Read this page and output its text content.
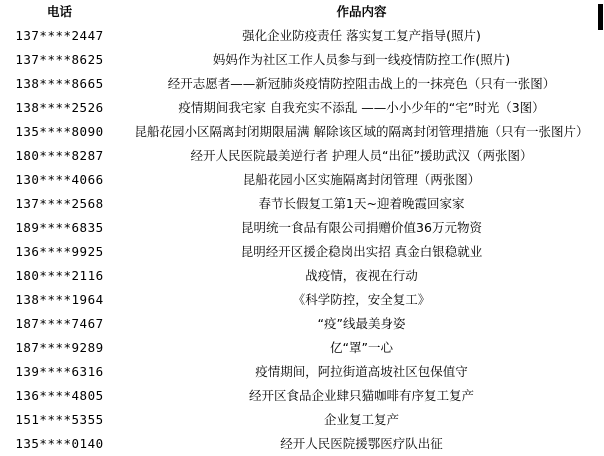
电话	作品内容
137****2447	强化企业防疫责任 落实复工复产指导(照片)
137****8625	妈妈作为社区工作人员参与到一线疫情防控工作(照片)
138****8665	经开志愿者——新冠肺炎疫情防控阻击战上的一抹亮色（只有一张图）
138****2526	疫情期间我宅家 自我充实不添乱 ——小小少年的“宅”时光（3图）
135****8090	昆船花园小区隔离封闭期限届满 解除该区域的隔离封闭管理措施（只有一张图片）
180****8287	经开人民医院最美逆行者 护理人员“出征”援助武汉（两张图）
130****4066	昆船花园小区实施隔离封闭管理（两张图）
137****2568	春节长假复工第1天~迎着晚霞回家家
189****6835	昆明统一食品有限公司捐赠价值36万元物资
136****9925	昆明经开区援企稳岗出实招 真金白银稳就业
180****2116	战疫情，夜视在行动
138****1964	《科学防控，安全复工》
187****7467	“疫”线最美身姿
187****9289	亿“罩”一心
139****6316	疫情期间，阿拉街道高坡社区包保值守
136****4805	经开区食品企业肆只猫咖啡有序复工复产
151****5355	企业复工复产
135****0140	经开人民医院援鄂医疗队出征
